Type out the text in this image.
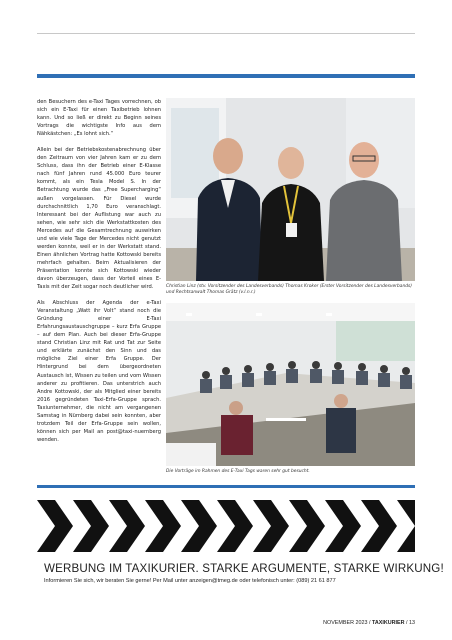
den Besuchern des e-Taxi Tages vorrechnen, ob sich ein E-Taxi für einen Taxibetrieb lohnen kann. Und so ließ er direkt zu Beginn seines Vortrags die wichtigste Info aus dem Nähkästchen: „Es lohnt sich.“

Allein bei der Betriebskostenabrechnung über den Zeitraum von vier Jahren kam er zu dem Schluss, dass ihn der Betrieb einer E-Klasse nach fünf Jahren rund 45.000 Euro teurer kommt, als ein Tesla Model S. In der Betrachtung wurde das „Free Supercharging“ außen vorgelassen. Für Diesel wurde durchschnittlich 1,70 Euro veranschlagt. Interessant bei der Auflistung war auch zu sehen, wie sehr sich die Werkstattkosten des Mercedes auf die Gesamtrechnung auswirken und wie viele Tage der Mercedes nicht genutzt werden konnte, weil er in der Werkstatt stand. Einen ähnlichen Vortrag hatte Kottowski bereits mehrfach gehalten. Beim Aktualisieren der Präsentation konnte sich Kottowski wieder davon überzeugen, dass der Vorteil eines E-Taxis mit der Zeit sogar noch deutlicher wird.

Als Abschluss der Agenda der e-Taxi Veranstaltung „Watt ihr Volt“ stand noch die Gründung einer E-Taxi Erfahrungsaustauschgruppe – kurz Erfa Gruppe – auf dem Plan. Auch bei dieser Erfa-Gruppe stand Christian Linz mit Rat und Tat zur Seite und erklärte zunächst den Sinn und das mögliche Ziel einer Erfa Gruppe. Der Hintergrund bei dem übergeordneten Austausch ist, Wissen zu teilen und vom Wissen anderer zu profitieren. Das unterstrich auch Andre Kottowski, der als Mitglied einer bereits 2016 gegründeten Taxi-Erfa-Gruppe sprach. Taxiunternehmer, die nicht am vergangenen Samstag in Nürnberg dabei sein konnten, aber trotzdem Teil der Erfa-Gruppe sein wollen, können sich per Mail an post@taxi-nuernberg wenden.

Christian Linz (stv. Vorsitzender des Landesverbands) Thomas Kroker (Erster Vorsitzender des Landesverbands) und Rechtsanwalt Thomas Grätz (v.l.n.r.)
Die Vorträge im Rahmen des E-Taxi Tags waren sehr gut besucht.
WERBUNG IM TAXIKURIER. STARKE ARGUMENTE, STARKE WIRKUNG!
Informieren Sie sich, wir beraten Sie gerne! Per Mail unter anzeigen@tmeg.de oder telefonisch unter: (089) 21 61 877
NOVEMBER 2023 / TAXIKURIER / 13
